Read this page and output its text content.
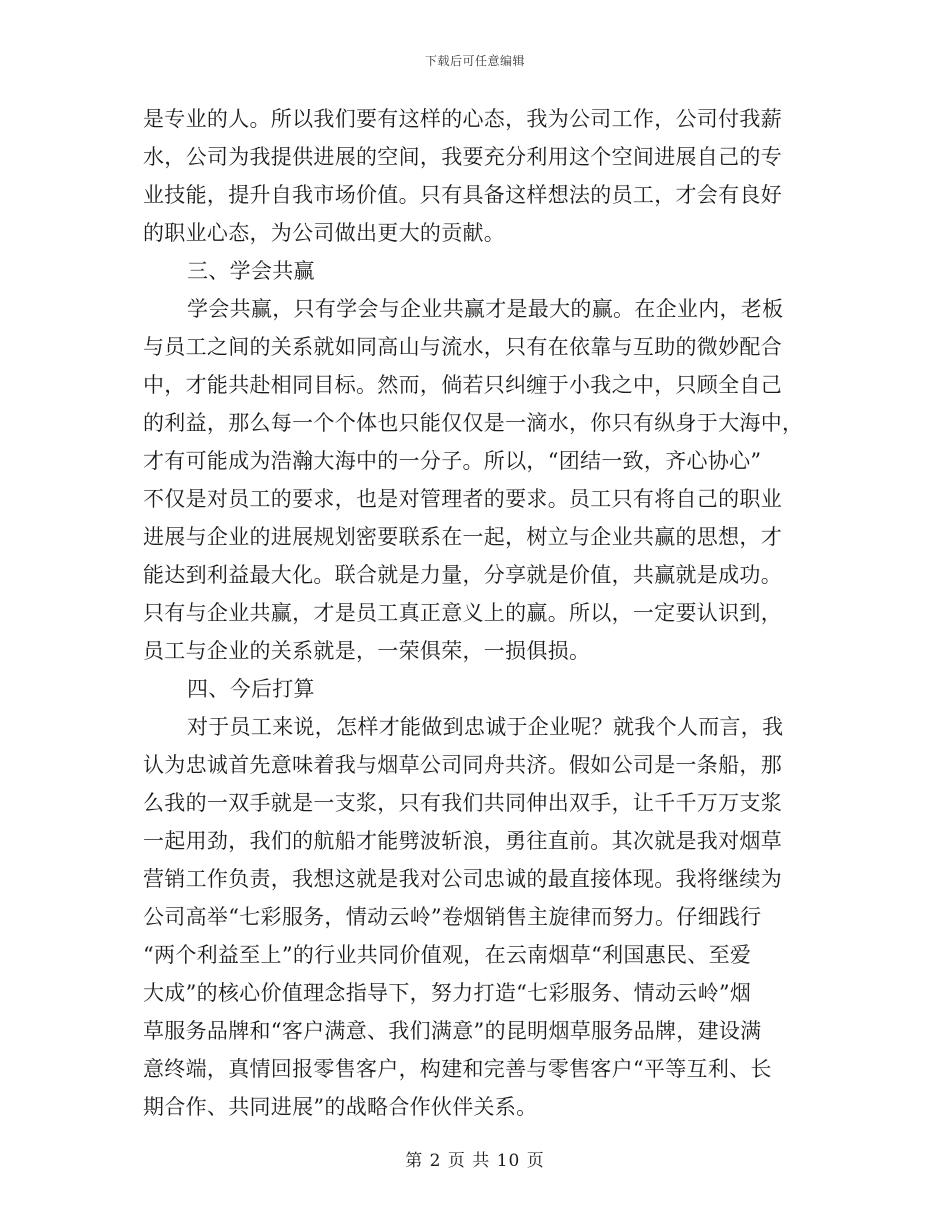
下载后可任意编辑
是专业的人。所以我们要有这样的心态，我为公司工作，公司付我薪
水，公司为我提供进展的空间，我要充分利用这个空间进展自己的专
业技能，提升自我市场价值。只有具备这样想法的员工，才会有良好
的职业心态，为公司做出更大的贡献。
三、学会共赢
学会共赢，只有学会与企业共赢才是最大的赢。在企业内，老板
与员工之间的关系就如同高山与流水，只有在依靠与互助的微妙配合
中，才能共赴相同目标。然而，倘若只纠缠于小我之中，只顾全自己
的利益，那么每一个个体也只能仅仅是一滴水，你只有纵身于大海中，
才有可能成为浩瀚大海中的一分子。所以，“团结一致，齐心协心”
不仅是对员工的要求，也是对管理者的要求。员工只有将自己的职业
进展与企业的进展规划密要联系在一起，树立与企业共赢的思想，才
能达到利益最大化。联合就是力量，分享就是价值，共赢就是成功。
只有与企业共赢，才是员工真正意义上的赢。所以，一定要认识到，
员工与企业的关系就是，一荣俱荣，一损俱损。
四、今后打算
对于员工来说，怎样才能做到忠诚于企业呢？就我个人而言，我
认为忠诚首先意味着我与烟草公司同舟共济。假如公司是一条船，那
么我的一双手就是一支浆，只有我们共同伸出双手，让千千万万支浆
一起用劲，我们的航船才能劈波斩浪，勇往直前。其次就是我对烟草
营销工作负责，我想这就是我对公司忠诚的最直接体现。我将继续为
公司高举“七彩服务，情动云岭”卷烟销售主旋律而努力。仔细践行
“两个利益至上”的行业共同价值观，在云南烟草“利国惠民、至爱
大成”的核心价值理念指导下，努力打造“七彩服务、情动云岭”烟
草服务品牌和“客户满意、我们满意”的昆明烟草服务品牌，建设满
意终端，真情回报零售客户，构建和完善与零售客户“平等互利、长
期合作、共同进展”的战略合作伙伴关系。
第 2 页 共 10 页
